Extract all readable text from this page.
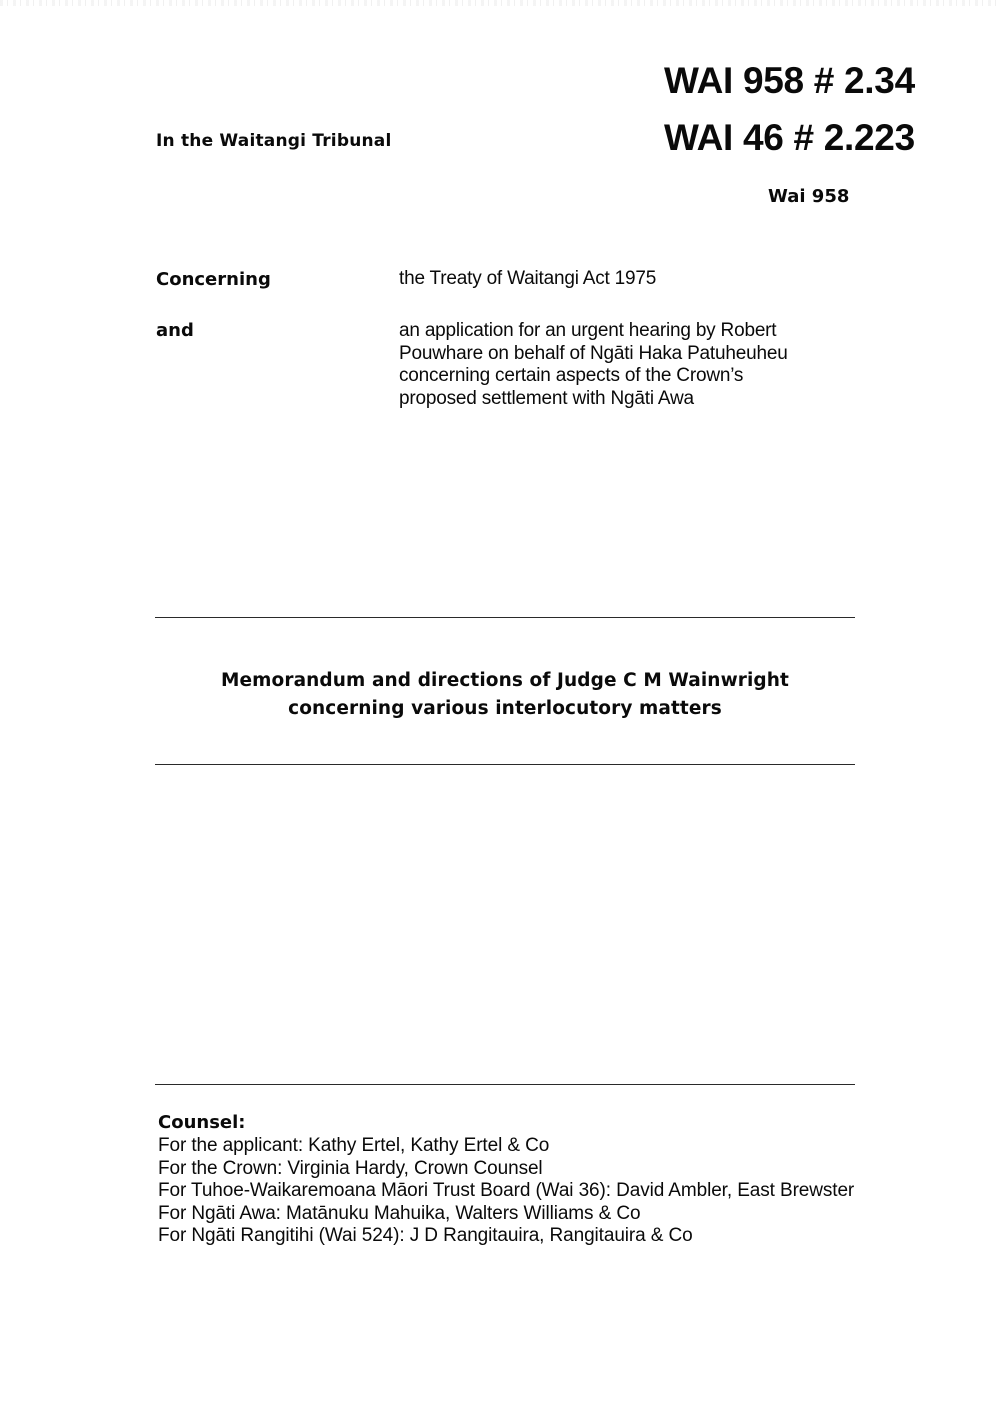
In the Waitangi Tribunal
WAI 958 # 2.34
WAI 46 # 2.223
Wai 958
Concerning	the Treaty of Waitangi Act 1975
and	an application for an urgent hearing by Robert
Pouwhare on behalf of Ngāti Haka Patuheuheu
concerning certain aspects of the Crown’s
proposed settlement with Ngāti Awa
Memorandum and directions of Judge C M Wainwright
concerning various interlocutory matters
Counsel:
For the applicant: Kathy Ertel, Kathy Ertel & Co
For the Crown: Virginia Hardy, Crown Counsel
For Tuhoe-Waikaremoana Māori Trust Board (Wai 36): David Ambler, East Brewster
For Ngāti Awa: Matānuku Mahuika, Walters Williams & Co
For Ngāti Rangitihi (Wai 524): J D Rangitauira, Rangitauira & Co
